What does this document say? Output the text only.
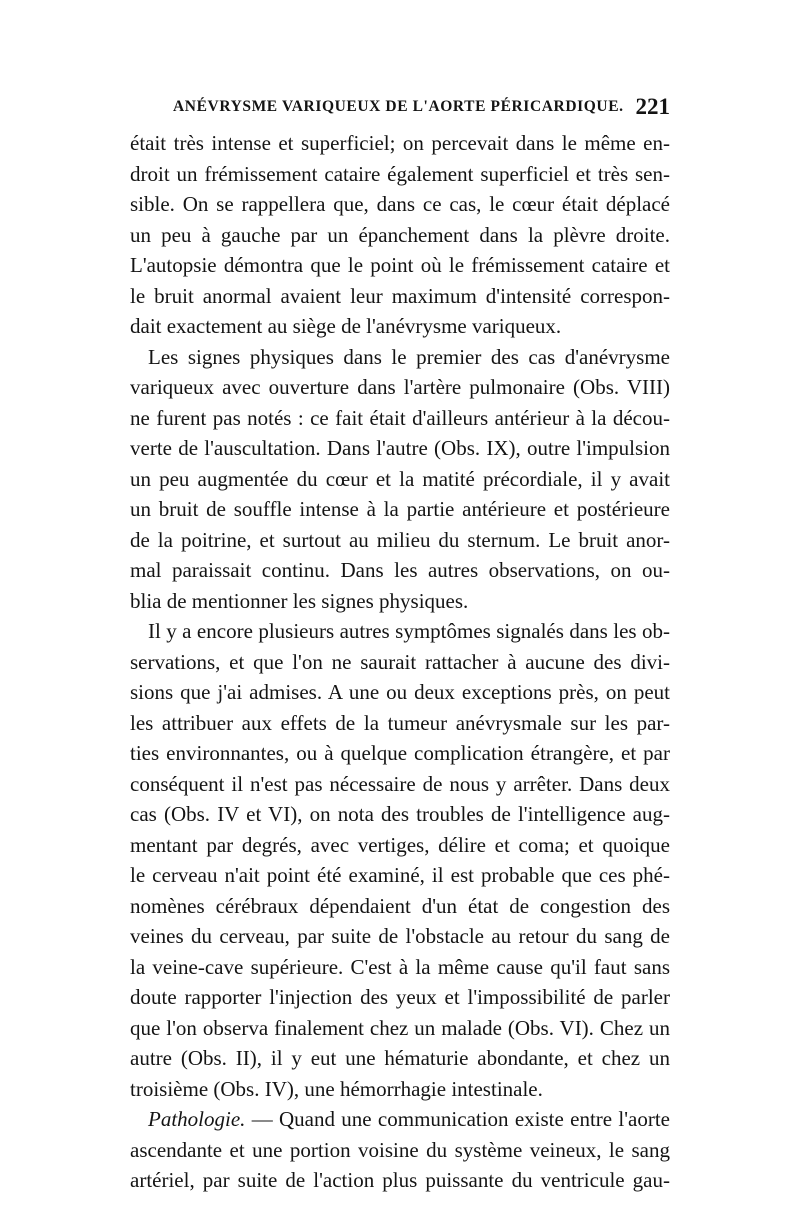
ANÉVRYSME VARIQUEUX DE L'AORTE PÉRICARDIQUE. 221
était très intense et superficiel; on percevait dans le même en-
droit un frémissement cataire également superficiel et très sen-
sible. On se rappellera que, dans ce cas, le cœur était déplacé
un peu à gauche par un épanchement dans la plèvre droite.
L'autopsie démontra que le point où le frémissement cataire et
le bruit anormal avaient leur maximum d'intensité correspon-
dait exactement au siège de l'anévrysme variqueux.
Les signes physiques dans le premier des cas d'anévrysme
variqueux avec ouverture dans l'artère pulmonaire (Obs. VIII)
ne furent pas notés : ce fait était d'ailleurs antérieur à la décou-
verte de l'auscultation. Dans l'autre (Obs. IX), outre l'impulsion
un peu augmentée du cœur et la matité précordiale, il y avait
un bruit de souffle intense à la partie antérieure et postérieure
de la poitrine, et surtout au milieu du sternum. Le bruit anor-
mal paraissait continu. Dans les autres observations, on ou-
blia de mentionner les signes physiques.
Il y a encore plusieurs autres symptômes signalés dans les ob-
servations, et que l'on ne saurait rattacher à aucune des divi-
sions que j'ai admises. A une ou deux exceptions près, on peut
les attribuer aux effets de la tumeur anévrysmale sur les par-
ties environnantes, ou à quelque complication étrangère, et par
conséquent il n'est pas nécessaire de nous y arrêter. Dans deux
cas (Obs. IV et VI), on nota des troubles de l'intelligence aug-
mentant par degrés, avec vertiges, délire et coma; et quoique
le cerveau n'ait point été examiné, il est probable que ces phé-
nomènes cérébraux dépendaient d'un état de congestion des
veines du cerveau, par suite de l'obstacle au retour du sang de
la veine-cave supérieure. C'est à la même cause qu'il faut sans
doute rapporter l'injection des yeux et l'impossibilité de parler
que l'on observa finalement chez un malade (Obs. VI). Chez un
autre (Obs. II), il y eut une hématurie abondante, et chez un
troisième (Obs. IV), une hémorrhagie intestinale.
Pathologie. — Quand une communication existe entre l'aorte
ascendante et une portion voisine du système veineux, le sang
artériel, par suite de l'action plus puissante du ventricule gau-
